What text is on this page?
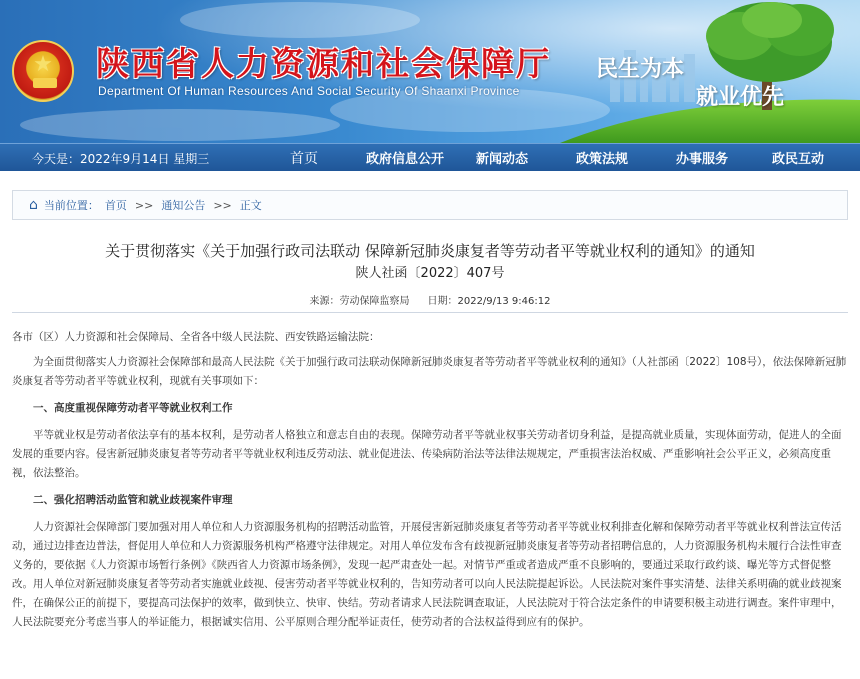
★	陕西省人力资源和社会保障厅
Department Of Human Resources And Social Security Of Shaanxi Province
民生为本
就业优先
今天是：2022年9月14日 星期三	首页	政府信息公开 新闻动态	政策法规	办事服务	政民互动
⌂ 当前位置： 首页 >> 通知公告 >> 正文
关于贯彻落实《关于加强行政司法联动 保障新冠肺炎康复者等劳动者平等就业权利的通知》的通知
陕人社函〔2022〕407号
来源：劳动保障监察局 日期：2022/9/13 9:46:12

各市（区）人力资源和社会保障局、全省各中级人民法院、西安铁路运输法院：

为全面贯彻落实人力资源社会保障部和最高人民法院《关于加强行政司法联动保障新冠肺炎康复者等劳动者平等就业权利的通知》（人社部函〔2022〕108号），依法保障新冠肺炎康复者等劳动者平等就业权利，现就有关事项如下：

一、高度重视保障劳动者平等就业权利工作

平等就业权是劳动者依法享有的基本权利，是劳动者人格独立和意志自由的表现。保障劳动者平等就业权事关劳动者切身利益，是提高就业质量，实现体面劳动，促进人的全面发展的重要内容。侵害新冠肺炎康复者等劳动者平等就业权利违反劳动法、就业促进法、传染病防治法等法律法规规定，严重损害法治权威、严重影响社会公平正义，必须高度重视，依法整治。

二、强化招聘活动监管和就业歧视案件审理

人力资源社会保障部门要加强对用人单位和人力资源服务机构的招聘活动监管，开展侵害新冠肺炎康复者等劳动者平等就业权利排查化解和保障劳动者平等就业权利普法宣传活动，通过边排查边普法，督促用人单位和人力资源服务机构严格遵守法律规定。对用人单位发布含有歧视新冠肺炎康复者等劳动者招聘信息的，人力资源服务机构未履行合法性审查义务的，要依据《人力资源市场暂行条例》《陕西省人力资源市场条例》，发现一起严肃查处一起。对情节严重或者造成严重不良影响的，要通过采取行政约谈、曝光等方式督促整改。用人单位对新冠肺炎康复者等劳动者实施就业歧视、侵害劳动者平等就业权利的，告知劳动者可以向人民法院提起诉讼。人民法院对案件事实清楚、法律关系明确的就业歧视案件，在确保公正的前提下，要提高司法保护的效率，做到快立、快审、快结。劳动者请求人民法院调查取证，人民法院对于符合法定条件的申请要积极主动进行调查。案件审理中，人民法院要充分考虑当事人的举证能力，根据诚实信用、公平原则合理分配举证责任，使劳动者的合法权益得到应有的保护。
